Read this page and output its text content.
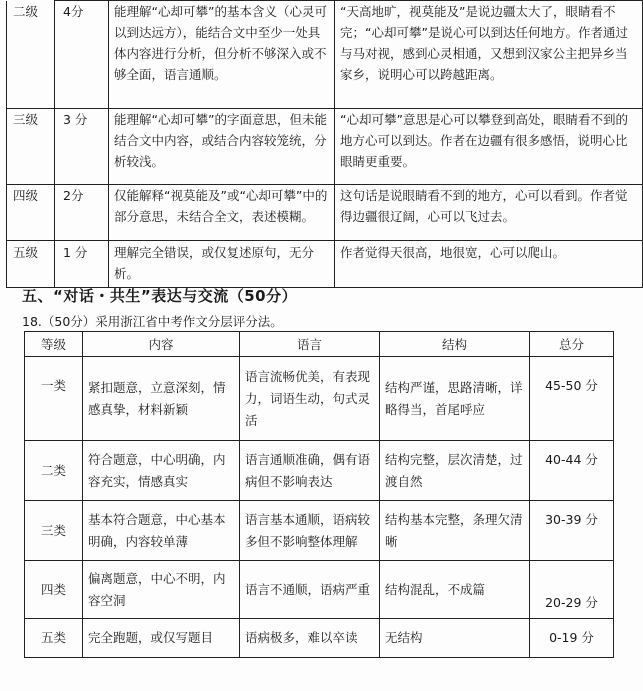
二级	4分	能理解“心却可攀”的基本含义（心灵可以到达远方），能结合文中至少一处具体内容进行分析，但分析不够深入或不够全面，语言通顺。	“天高地旷，视莫能及”是说边疆太大了，眼睛看不完；“心却可攀”是说心可以到达任何地方。作者通过与马对视，感到心灵相通，又想到汉家公主把异乡当家乡，说明心可以跨越距离。
三级	3 分	能理解“心却可攀”的字面意思，但未能结合文中内容，或结合内容较笼统，分析较浅。	“心却可攀”意思是心可以攀登到高处，眼睛看不到的地方心可以到达。作者在边疆有很多感悟，说明心比眼睛更重要。
四级	2分	仅能解释“视莫能及”或“心却可攀”中的部分意思，未结合全文，表述模糊。	这句话是说眼睛看不到的地方，心可以看到。作者觉得边疆很辽阔，心可以飞过去。
五级	1 分	理解完全错误，或仅复述原句，无分析。	作者觉得天很高，地很宽，心可以爬山。
五、“对话・共生”表达与交流（50分）
18.（50分）采用浙江省中考作文分层评分法。
等级	内容	语言	结构	总分
一类	紧扣题意，立意深刻，情感真挚，材料新颖	语言流畅优美，有表现力，词语生动，句式灵活	结构严谨，思路清晰，详略得当，首尾呼应	45-50 分
二类	符合题意，中心明确，内容充实，情感真实	语言通顺准确，偶有语病但不影响表达	结构完整，层次清楚，过渡自然	40-44 分
三类	基本符合题意，中心基本明确，内容较单薄	语言基本通顺，语病较多但不影响整体理解	结构基本完整，条理欠清晰	30-39 分
四类	偏离题意，中心不明，内容空洞	语言不通顺，语病严重	结构混乱，不成篇	20-29 分
五类	完全跑题，或仅写题目	语病极多，难以卒读	无结构	0-19 分
